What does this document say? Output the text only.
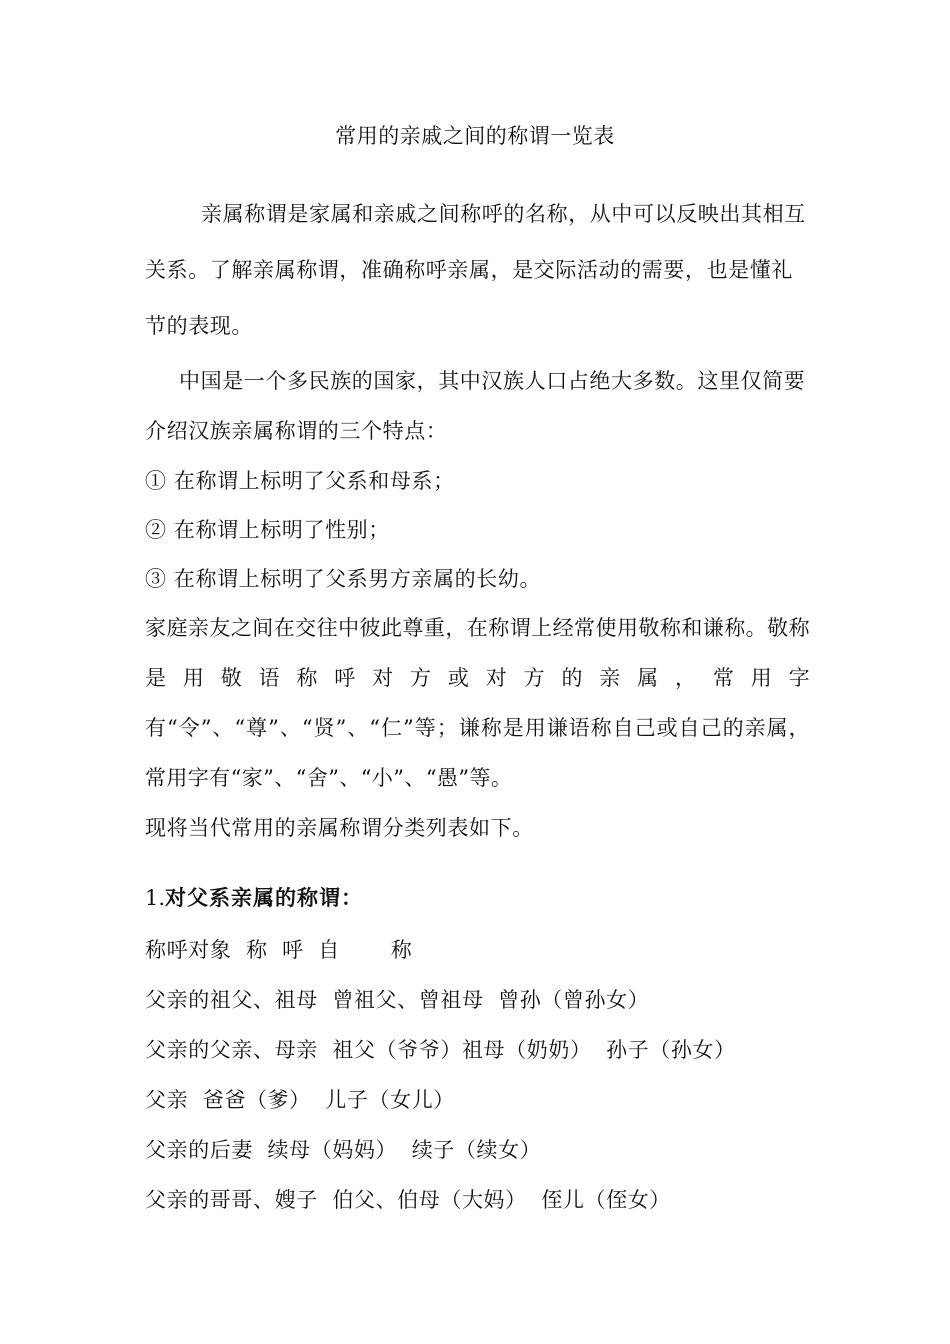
常用的亲戚之间的称谓一览表
亲属称谓是家属和亲戚之间称呼的名称，从中可以反映出其相互关系。了解亲属称谓，准确称呼亲属，是交际活动的需要，也是懂礼节的表现。
中国是一个多民族的国家，其中汉族人口占绝大多数。这里仅简要介绍汉族亲属称谓的三个特点：
① 在称谓上标明了父系和母系；
② 在称谓上标明了性别；
③ 在称谓上标明了父系男方亲属的长幼。
家庭亲友之间在交往中彼此尊重，在称谓上经常使用敬称和谦称。敬称是用敬语称呼对方或对方的亲属，常用字有“令”、“尊”、“贤”、“仁”等；谦称是用谦语称自己或自己的亲属，常用字有“家”、“舍”、“小”、“愚”等。
现将当代常用的亲属称谓分类列表如下。
1.对父系亲属的称谓：
称呼对象  称  呼  自       称
父亲的祖父、祖母  曾祖父、曾祖母  曾孙（曾孙女）
父亲的父亲、母亲  祖父（爷爷）祖母（奶奶）  孙子（孙女）
父亲  爸爸（爹）  儿子（女儿）
父亲的后妻  续母（妈妈）  续子（续女）
父亲的哥哥、嫂子  伯父、伯母（大妈）  侄儿（侄女）
